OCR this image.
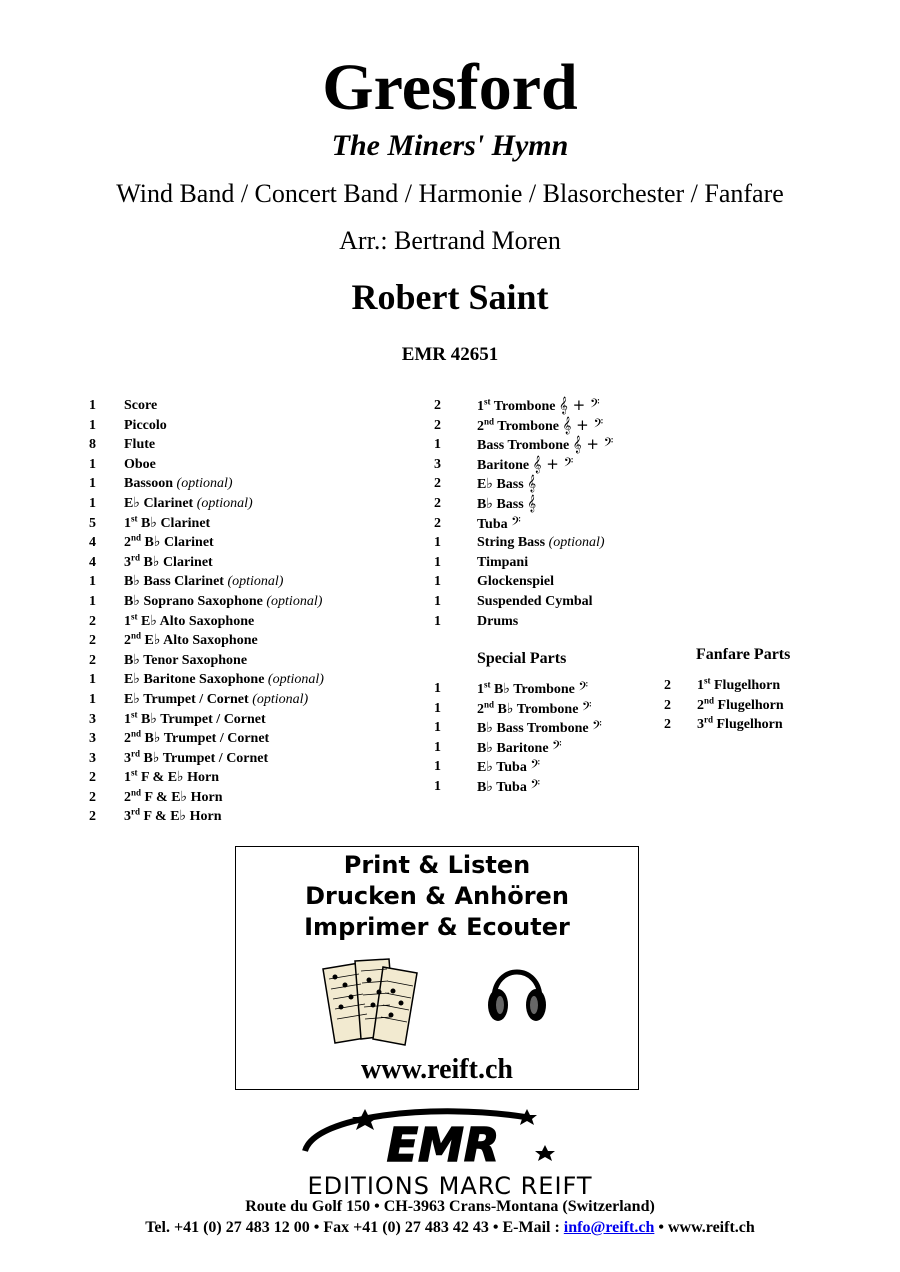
Gresford
The Miners' Hymn
Wind Band / Concert Band / Harmonie / Blasorchester / Fanfare
Arr.: Bertrand Moren
Robert Saint
EMR 42651
1 Score
1 Piccolo
8 Flute
1 Oboe
1 Bassoon (optional)
1 E♭ Clarinet (optional)
5 1st B♭ Clarinet
4 2nd B♭ Clarinet
4 3rd B♭ Clarinet
1 B♭ Bass Clarinet (optional)
1 B♭ Soprano Saxophone (optional)
2 1st E♭ Alto Saxophone
2 2nd E♭ Alto Saxophone
2 B♭ Tenor Saxophone
1 E♭ Baritone Saxophone (optional)
1 E♭ Trumpet / Cornet (optional)
3 1st B♭ Trumpet / Cornet
3 2nd B♭ Trumpet / Cornet
3 3rd B♭ Trumpet / Cornet
2 1st F & E♭ Horn
2 2nd F & E♭ Horn
2 3rd F & E♭ Horn
2	1st Trombone 𝄞 + 𝄢
2	2nd Trombone 𝄞 + 𝄢
1	Bass Trombone 𝄞 + 𝄢
3	Baritone 𝄞 + 𝄢
2	E♭ Bass 𝄞
2	B♭ Bass 𝄞
2	Tuba 𝄢
1	String Bass (optional)
1	Timpani
1	Glockenspiel
1	Suspended Cymbal
1	Drums
Special Parts
1	1st B♭ Trombone 𝄢
1	2nd B♭ Trombone 𝄢
1	B♭ Bass Trombone 𝄢
1	B♭ Baritone 𝄢
1	E♭ Tuba 𝄢
1	B♭ Tuba 𝄢
Fanfare Parts
2 1st Flugelhorn
2 2nd Flugelhorn
2 3rd Flugelhorn
Print & Listen
Drucken & Anhören
Imprimer & Ecouter
www.reift.ch
EMR
EDITIONS MARC REIFT
Route du Golf 150 • CH-3963 Crans-Montana (Switzerland)
Tel. +41 (0) 27 483 12 00 • Fax +41 (0) 27 483 42 43 • E-Mail : info@reift.ch • www.reift.ch
